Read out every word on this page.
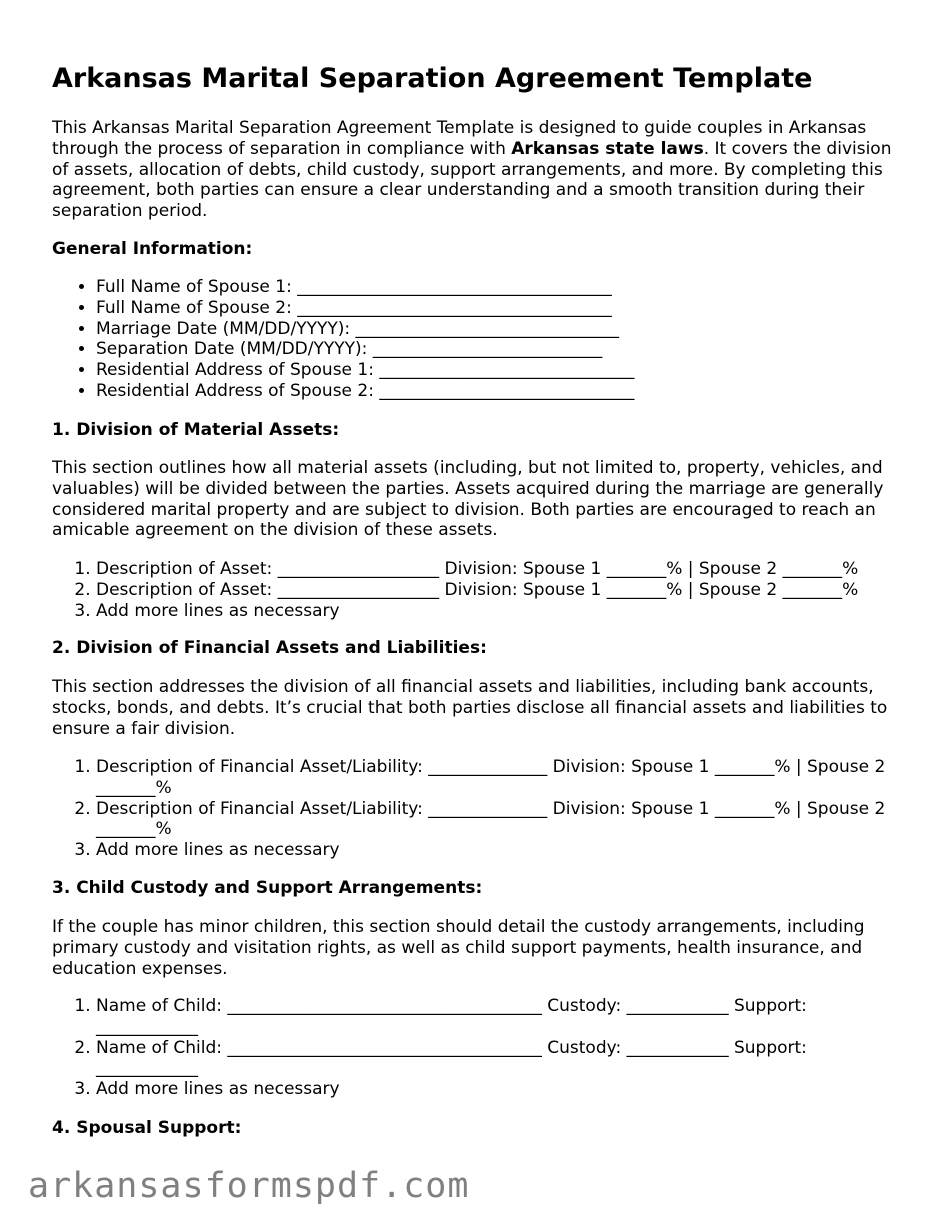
Arkansas Marital Separation Agreement Template

This Arkansas Marital Separation Agreement Template is designed to guide couples in Arkansas through the process of separation in compliance with Arkansas state laws. It covers the division of assets, allocation of debts, child custody, support arrangements, and more. By completing this agreement, both parties can ensure a clear understanding and a smooth transition during their separation period.

General Information:

• Full Name of Spouse 1: _____________________________________
• Full Name of Spouse 2: _____________________________________
• Marriage Date (MM/DD/YYYY): _______________________________
• Separation Date (MM/DD/YYYY): ___________________________
• Residential Address of Spouse 1: ______________________________
• Residential Address of Spouse 2: ______________________________

1. Division of Material Assets:

This section outlines how all material assets (including, but not limited to, property, vehicles, and valuables) will be divided between the parties. Assets acquired during the marriage are generally considered marital property and are subject to division. Both parties are encouraged to reach an amicable agreement on the division of these assets.

1. Description of Asset: ___________________ Division: Spouse 1 _______% | Spouse 2 _______%
2. Description of Asset: ___________________ Division: Spouse 1 _______% | Spouse 2 _______%
3. Add more lines as necessary

2. Division of Financial Assets and Liabilities:

This section addresses the division of all financial assets and liabilities, including bank accounts, stocks, bonds, and debts. It’s crucial that both parties disclose all financial assets and liabilities to ensure a fair division.

1. Description of Financial Asset/Liability: ______________ Division: Spouse 1 _______% | Spouse 2 _______%
2. Description of Financial Asset/Liability: ______________ Division: Spouse 1 _______% | Spouse 2 _______%
3. Add more lines as necessary

3. Child Custody and Support Arrangements:

If the couple has minor children, this section should detail the custody arrangements, including primary custody and visitation rights, as well as child support payments, health insurance, and education expenses.

1. Name of Child: _____________________________________ Custody: ____________ Support: ____________
2. Name of Child: _____________________________________ Custody: ____________ Support: ____________
3. Add more lines as necessary

4. Spousal Support:

arkansasformspdf.com
